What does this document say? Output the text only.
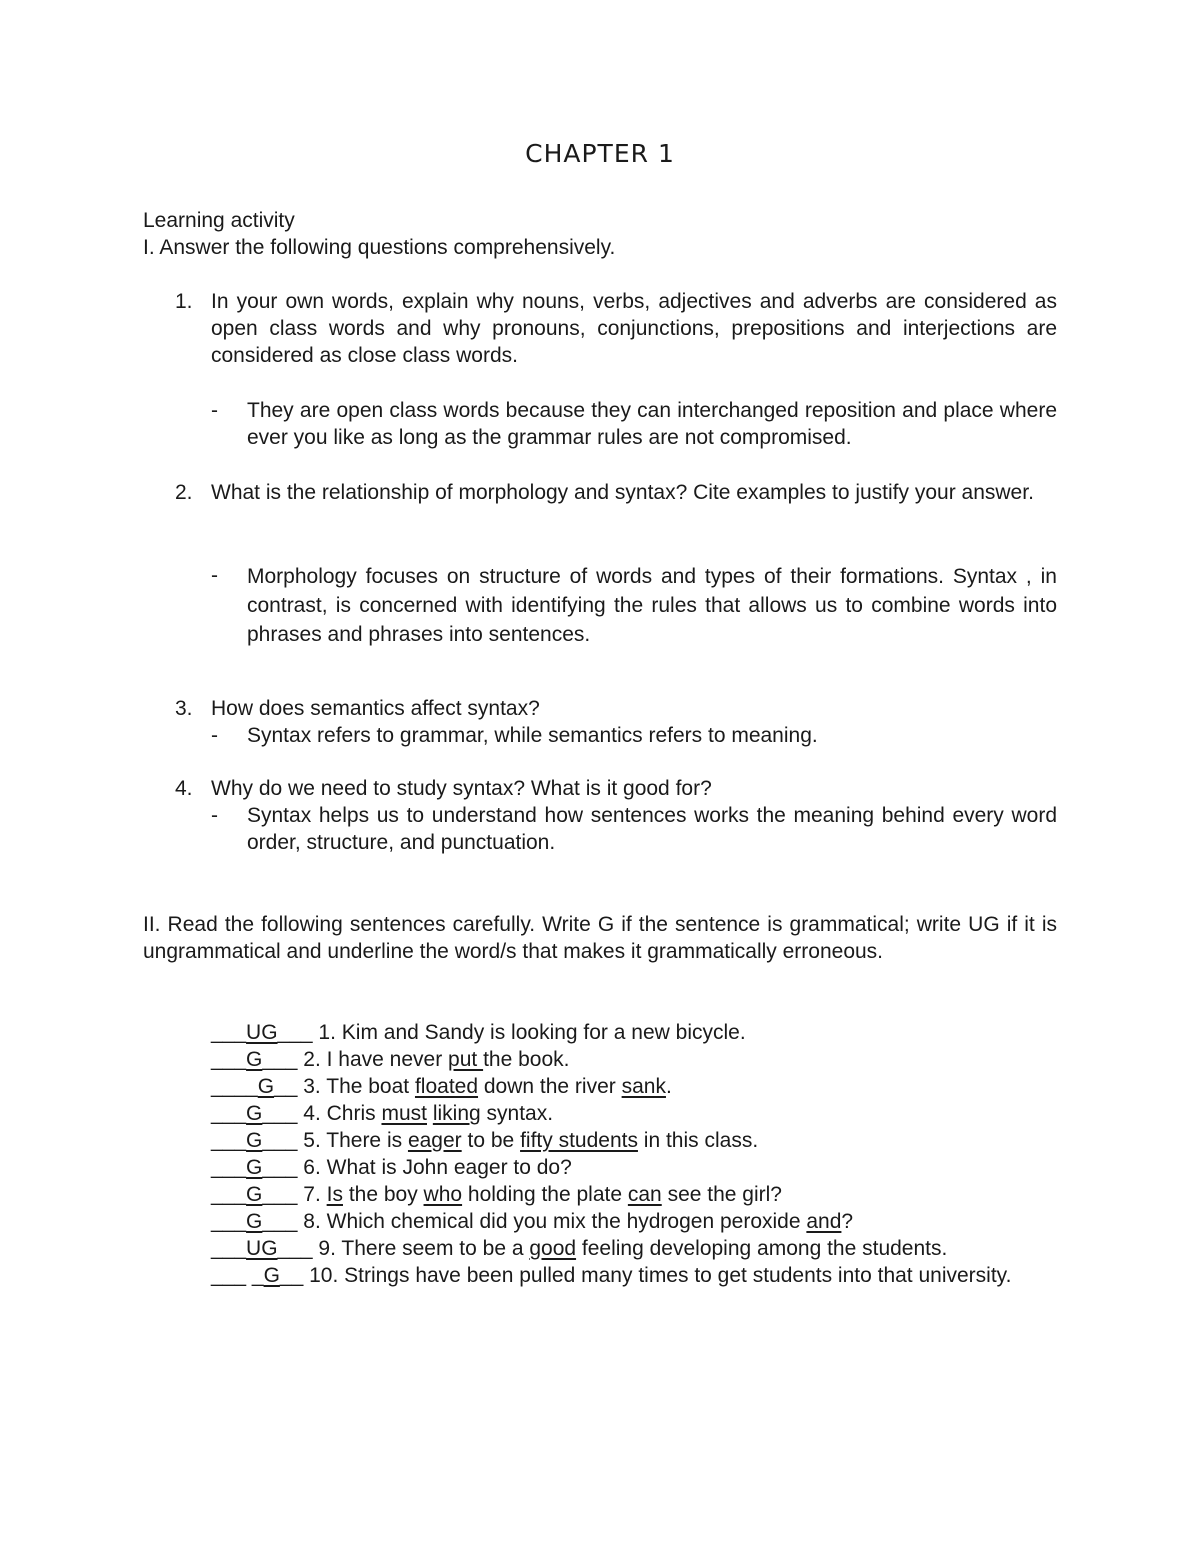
CHAPTER 1
Learning activity
I. Answer the following questions comprehensively.
1. In your own words, explain why nouns, verbs, adjectives and adverbs are considered as open class words and why pronouns, conjunctions, prepositions and interjections are considered as close class words.
- They are open class words because they can interchanged reposition and place where ever you like as long as the grammar rules are not compromised.
2. What is the relationship of morphology and syntax? Cite examples to justify your answer.
- Morphology focuses on structure of words and types of their formations. Syntax , in contrast, is concerned with identifying the rules that allows us to combine words into phrases and phrases into sentences.
3. How does semantics affect syntax?
- Syntax refers to grammar, while semantics refers to meaning.
4. Why do we need to study syntax? What is it good for?
- Syntax helps us to understand how sentences works the meaning behind every word order, structure, and punctuation.
II. Read the following sentences carefully. Write G if the sentence is grammatical; write UG if it is ungrammatical and underline the word/s that makes it grammatically erroneous.
___UG___ 1. Kim and Sandy is looking for a new bicycle.
___G___ 2. I have never put the book.
____G__ 3. The boat floated down the river sank.
___G___ 4. Chris must liking syntax.
___G___ 5. There is eager to be fifty students in this class.
___G___ 6. What is John eager to do?
___G___ 7. Is the boy who holding the plate can see the girl?
___G___ 8. Which chemical did you mix the hydrogen peroxide and?
___UG___ 9. There seem to be a good feeling developing among the students.
___ _G__ 10. Strings have been pulled many times to get students into that university.
